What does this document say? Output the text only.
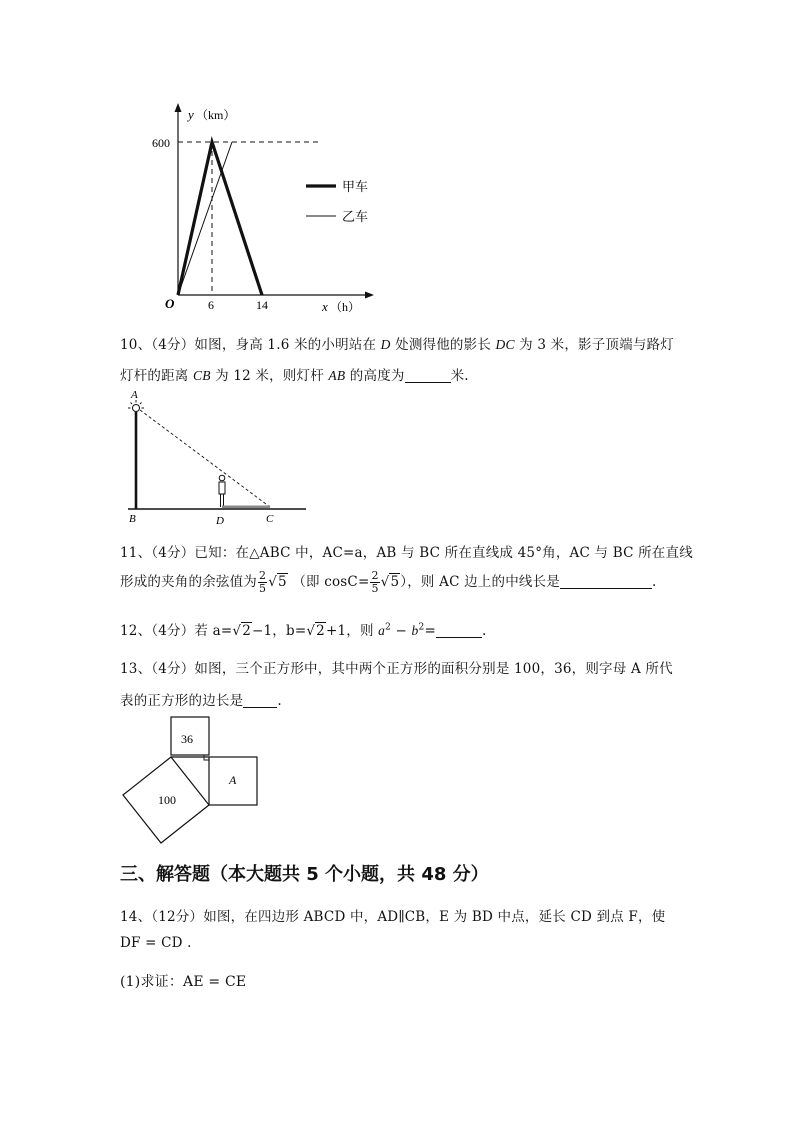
y （km）
600
O	6	14	x （h）
甲车
乙车
10、（4分）如图，身高 1.6 米的小明站在 D 处测得他的影长 DC 为 3 米，影子顶端与路灯
灯杆的距离 CB 为 12 米，则灯杆 AB 的高度为	米.
A
B	D	C
11、（4分）已知：在△ABC 中，AC=a，AB 与 BC 所在直线成 45°角，AC 与 BC 所在直线
形成的夹角的余弦值为 $\frac{2}{5} √5$ （即 $\cos C= \frac{2}{5} √5$），则 AC 边上的中线长是	.
12、（4分）若 a=√2−1，b=√2+1，则 $a^2 - b^2=$	.
13、（4分）如图，三个正方形中，其中两个正方形的面积分别是 100，36，则字母 A 所代
表的正方形的边长是	.
36
100
A
三、解答题（本大题共 5 个小题，共 48 分）
14、（12分）如图，在四边形 ABCD 中，AD∥CB，E 为 BD 中点，延长 CD 到点 F，使
DF = CD .
(1)求证：AE = CE
